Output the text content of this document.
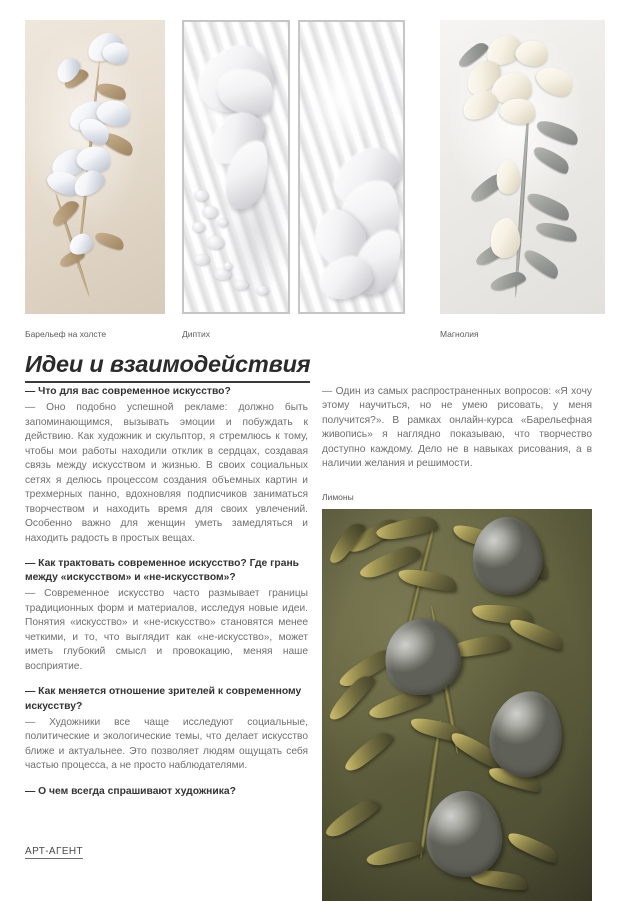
Барельеф на холсте	Диптих	Магнолия
Идеи и взаимодействия

— Что для вас современное искусство?

— Оно подобно успешной рекламе: должно быть запоминающимся, вызывать эмоции и побуждать к действию. Как художник и скульптор, я стремлюсь к тому, чтобы мои работы находили отклик в сердцах, создавая связь между искусством и жизнью. В своих социальных сетях я делюсь процессом создания объемных картин и трехмерных панно, вдохновляя подписчиков заниматься творчеством и находить время для своих увлечений. Особенно важно для женщин уметь замедляться и находить радость в простых вещах.

— Как трактовать современное искусство? Где грань между «искусством» и «не-искусством»?

— Современное искусство часто размывает границы традиционных форм и материалов, исследуя новые идеи. Понятия «искусство» и «не-искусство» становятся менее четкими, и то, что выглядит как «не-искусство», может иметь глубокий смысл и провокацию, меняя наше восприятие.

— Как меняется отношение зрителей к современному искусству?

— Художники все чаще исследуют социальные, политические и экологические темы, что делает искусство ближе и актуальнее. Это позволяет людям ощущать себя частью процесса, а не просто наблюдателями.

— О чем всегда спрашивают художника?

— Один из самых распространенных вопросов: «Я хочу этому научиться, но не умею рисовать, у меня получится?». В рамках онлайн-курса «Барельефная живопись» я наглядно показываю, что творчество доступно каждому. Дело не в навыках рисования, а в наличии желания и решимости.

Лимоны
АРТ-АГЕНТ
